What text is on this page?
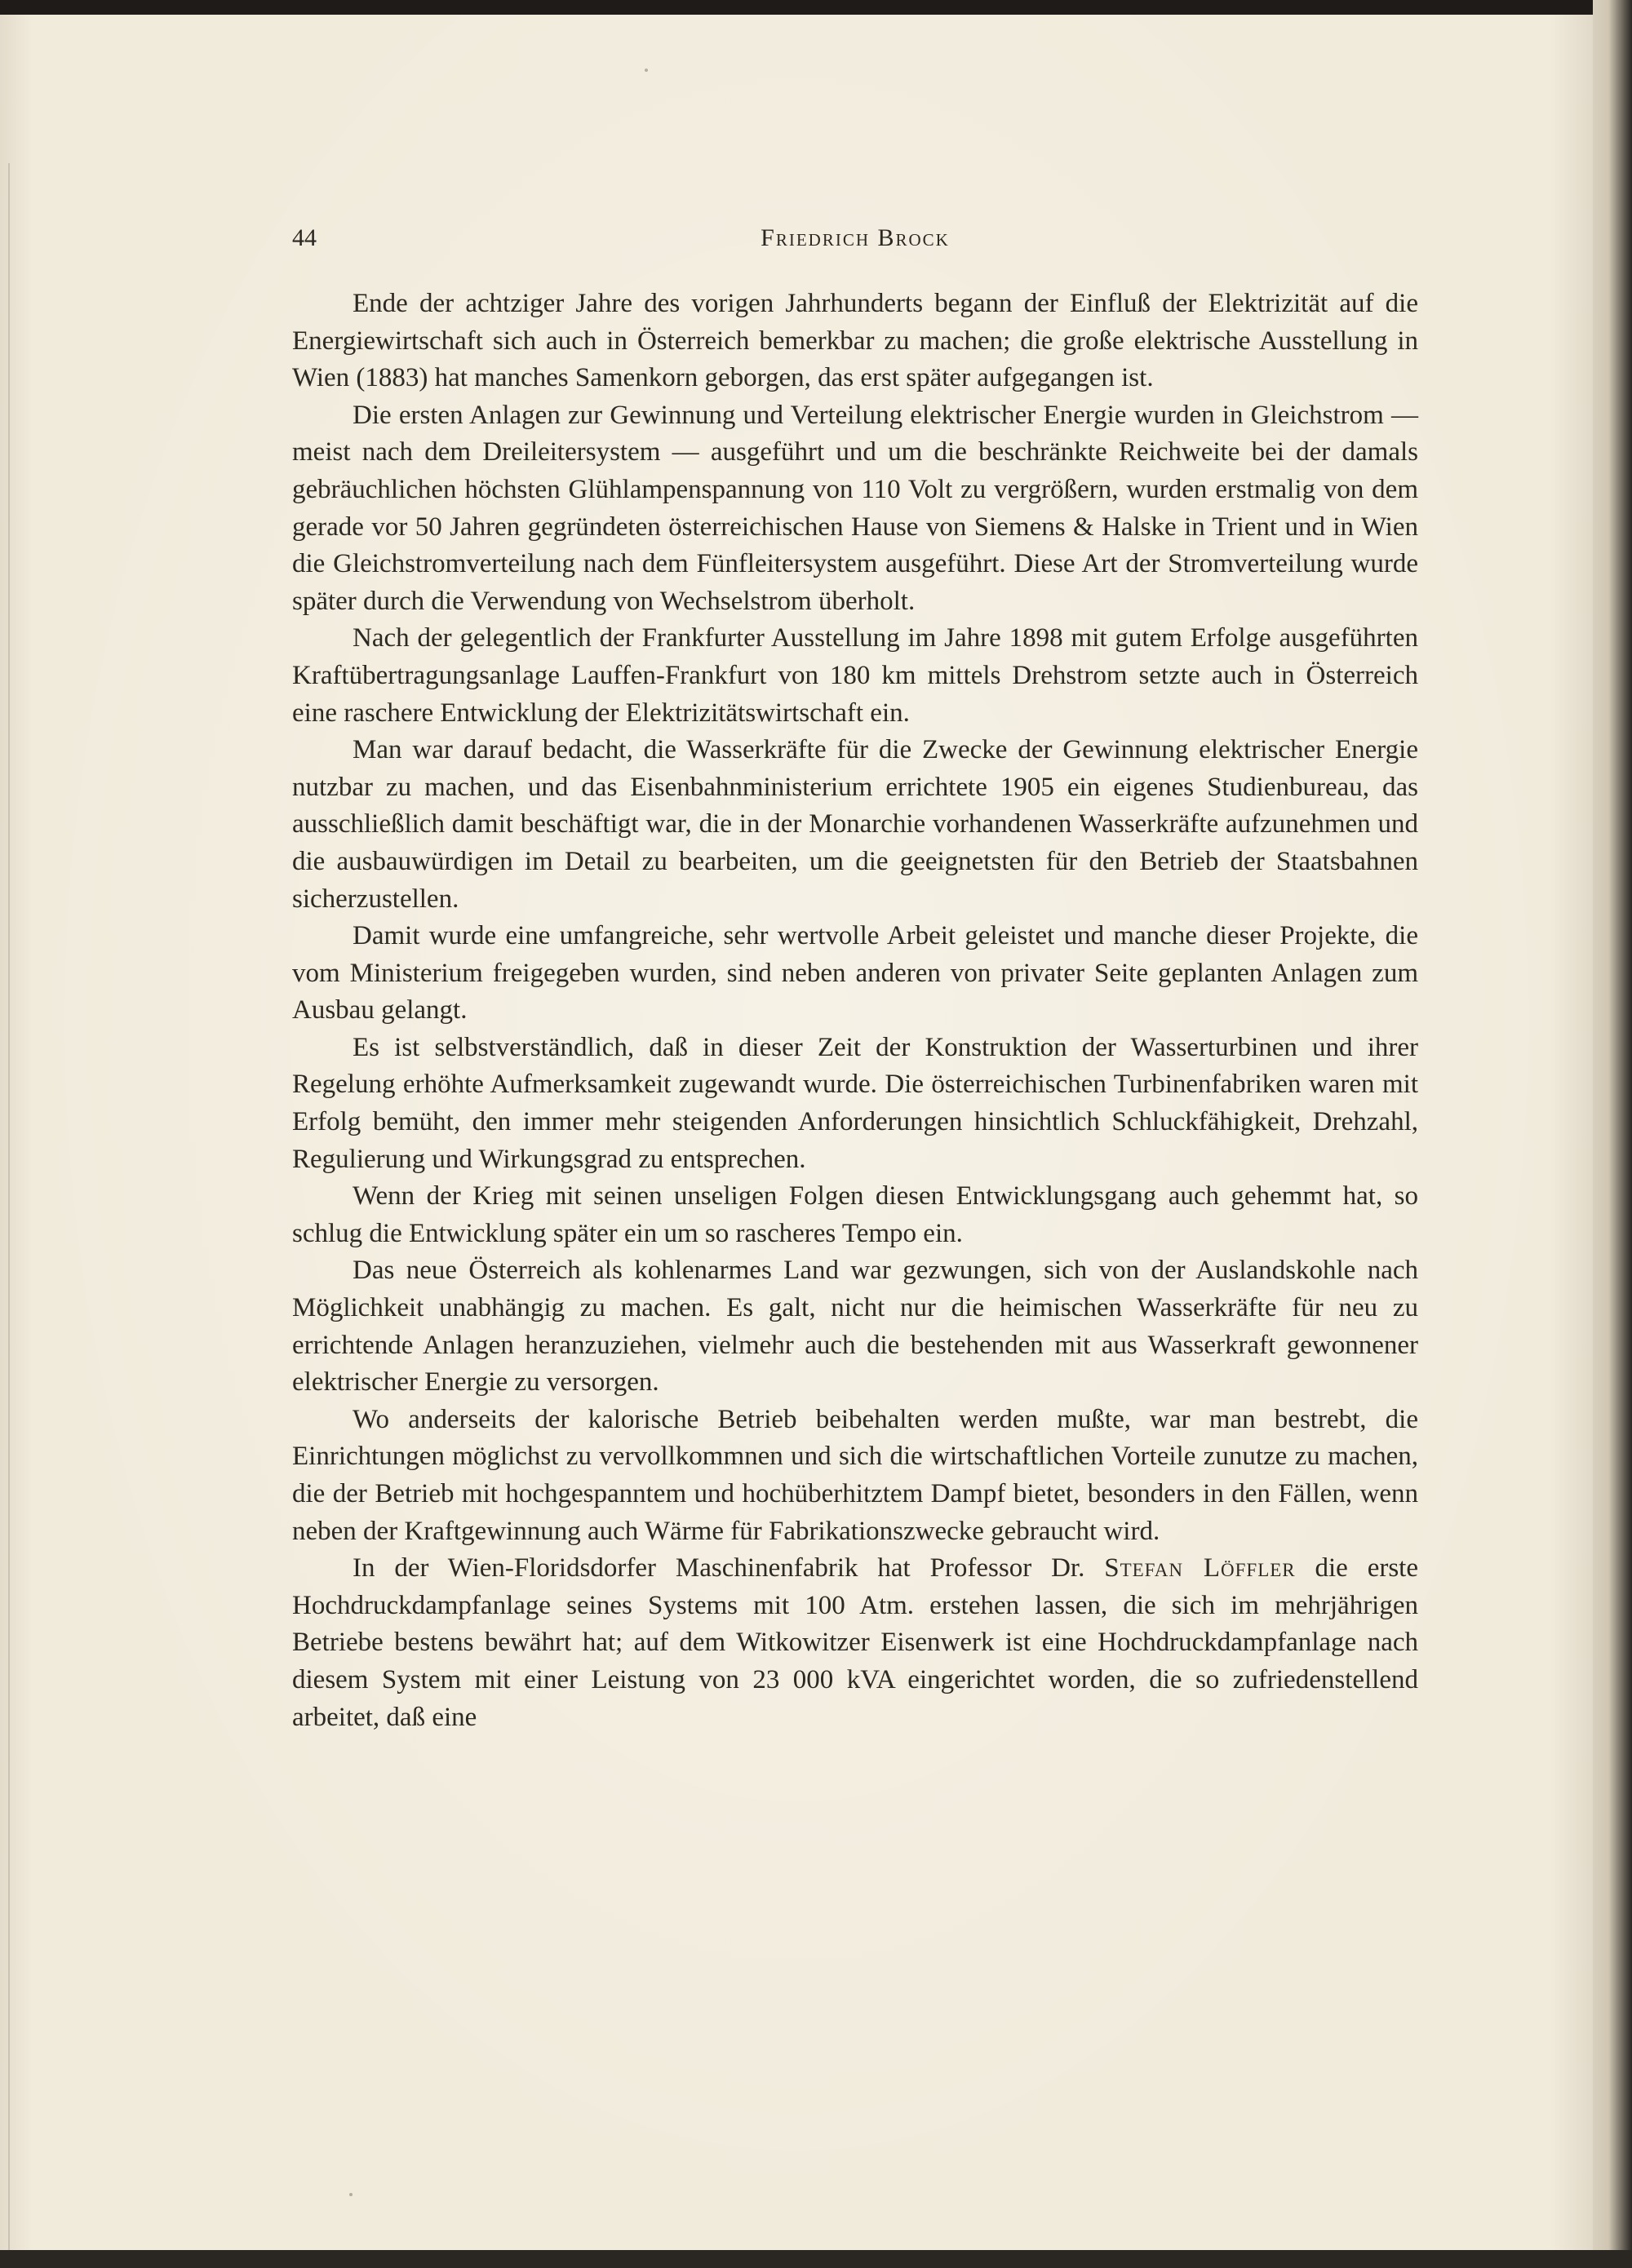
44	Friedrich Brock

Ende der achtziger Jahre des vorigen Jahrhunderts begann der Einfluß der Elektrizität auf die Energiewirtschaft sich auch in Österreich bemerkbar zu machen; die große elektrische Ausstellung in Wien (1883) hat manches Samenkorn geborgen, das erst später aufgegangen ist.

Die ersten Anlagen zur Gewinnung und Verteilung elektrischer Energie wurden in Gleichstrom — meist nach dem Dreileitersystem — ausgeführt und um die beschränkte Reichweite bei der damals gebräuchlichen höchsten Glühlampenspannung von 110 Volt zu vergrößern, wurden erstmalig von dem gerade vor 50 Jahren gegründeten österreichischen Hause von Siemens & Halske in Trient und in Wien die Gleichstromverteilung nach dem Fünfleitersystem ausgeführt. Diese Art der Stromverteilung wurde später durch die Verwendung von Wechselstrom überholt.

Nach der gelegentlich der Frankfurter Ausstellung im Jahre 1898 mit gutem Erfolge ausgeführten Kraftübertragungsanlage Lauffen-Frankfurt von 180 km mittels Drehstrom setzte auch in Österreich eine raschere Entwicklung der Elektrizitätswirtschaft ein.

Man war darauf bedacht, die Wasserkräfte für die Zwecke der Gewinnung elektrischer Energie nutzbar zu machen, und das Eisenbahnministerium errichtete 1905 ein eigenes Studienbureau, das ausschließlich damit beschäftigt war, die in der Monarchie vorhandenen Wasserkräfte aufzunehmen und die ausbauwürdigen im Detail zu bearbeiten, um die geeignetsten für den Betrieb der Staatsbahnen sicherzustellen.

Damit wurde eine umfangreiche, sehr wertvolle Arbeit geleistet und manche dieser Projekte, die vom Ministerium freigegeben wurden, sind neben anderen von privater Seite geplanten Anlagen zum Ausbau gelangt.

Es ist selbstverständlich, daß in dieser Zeit der Konstruktion der Wasserturbinen und ihrer Regelung erhöhte Aufmerksamkeit zugewandt wurde. Die österreichischen Turbinenfabriken waren mit Erfolg bemüht, den immer mehr steigenden Anforderungen hinsichtlich Schluckfähigkeit, Drehzahl, Regulierung und Wirkungsgrad zu entsprechen.

Wenn der Krieg mit seinen unseligen Folgen diesen Entwicklungsgang auch gehemmt hat, so schlug die Entwicklung später ein um so rascheres Tempo ein.

Das neue Österreich als kohlenarmes Land war gezwungen, sich von der Auslandskohle nach Möglichkeit unabhängig zu machen. Es galt, nicht nur die heimischen Wasserkräfte für neu zu errichtende Anlagen heranzuziehen, vielmehr auch die bestehenden mit aus Wasserkraft gewonnener elektrischer Energie zu versorgen.

Wo anderseits der kalorische Betrieb beibehalten werden mußte, war man bestrebt, die Einrichtungen möglichst zu vervollkommnen und sich die wirtschaftlichen Vorteile zunutze zu machen, die der Betrieb mit hochgespanntem und hochüberhitztem Dampf bietet, besonders in den Fällen, wenn neben der Kraftgewinnung auch Wärme für Fabrikationszwecke gebraucht wird.

In der Wien-Floridsdorfer Maschinenfabrik hat Professor Dr. Stefan Löffler die erste Hochdruckdampfanlage seines Systems mit 100 Atm. erstehen lassen, die sich im mehrjährigen Betriebe bestens bewährt hat; auf dem Witkowitzer Eisenwerk ist eine Hochdruckdampfanlage nach diesem System mit einer Leistung von 23 000 kVA eingerichtet worden, die so zufriedenstellend arbeitet, daß eine
